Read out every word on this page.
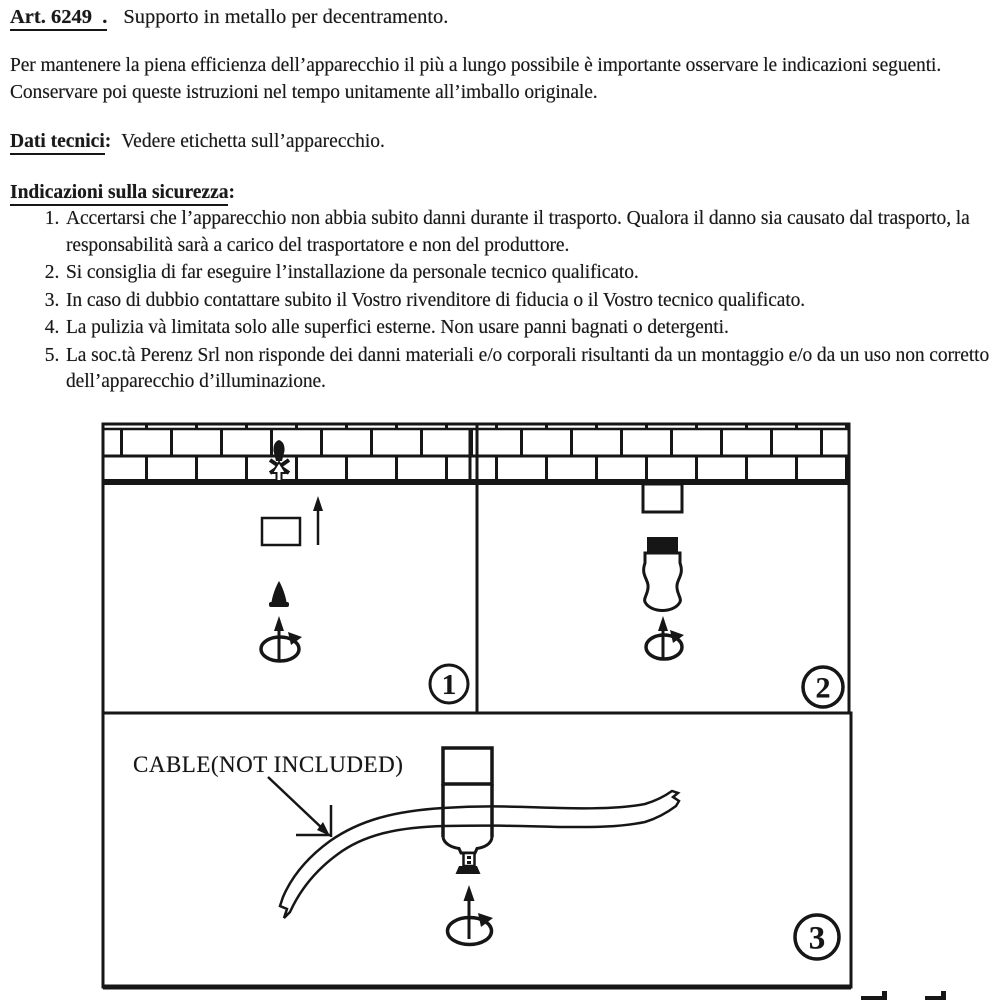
Art. 6249  . Supporto in metallo per decentramento.
Per mantenere la piena efficienza dell’apparecchio il più a lungo possibile è importante osservare le indicazioni seguenti. Conservare poi queste istruzioni nel tempo unitamente all’imballo originale.
Dati tecnici: Vedere etichetta sull’apparecchio.
Indicazioni sulla sicurezza:
1. Accertarsi che l’apparecchio non abbia subito danni durante il trasporto. Qualora il danno sia causato dal trasporto, la responsabilità sarà a carico del trasportatore e non del produttore.
2. Si consiglia di far eseguire l’installazione da personale tecnico qualificato.
3. In caso di dubbio contattare subito il Vostro rivenditore di fiducia o il Vostro tecnico qualificato.
4. La pulizia và limitata solo alle superfici esterne. Non usare panni bagnati o detergenti.
5. La soc.tà Perenz Srl non risponde dei danni materiali e/o corporali risultanti da un montaggio e/o da un uso non corretto dell’apparecchio d’illuminazione.
1	2
CABLE(NOT INCLUDED)
3
